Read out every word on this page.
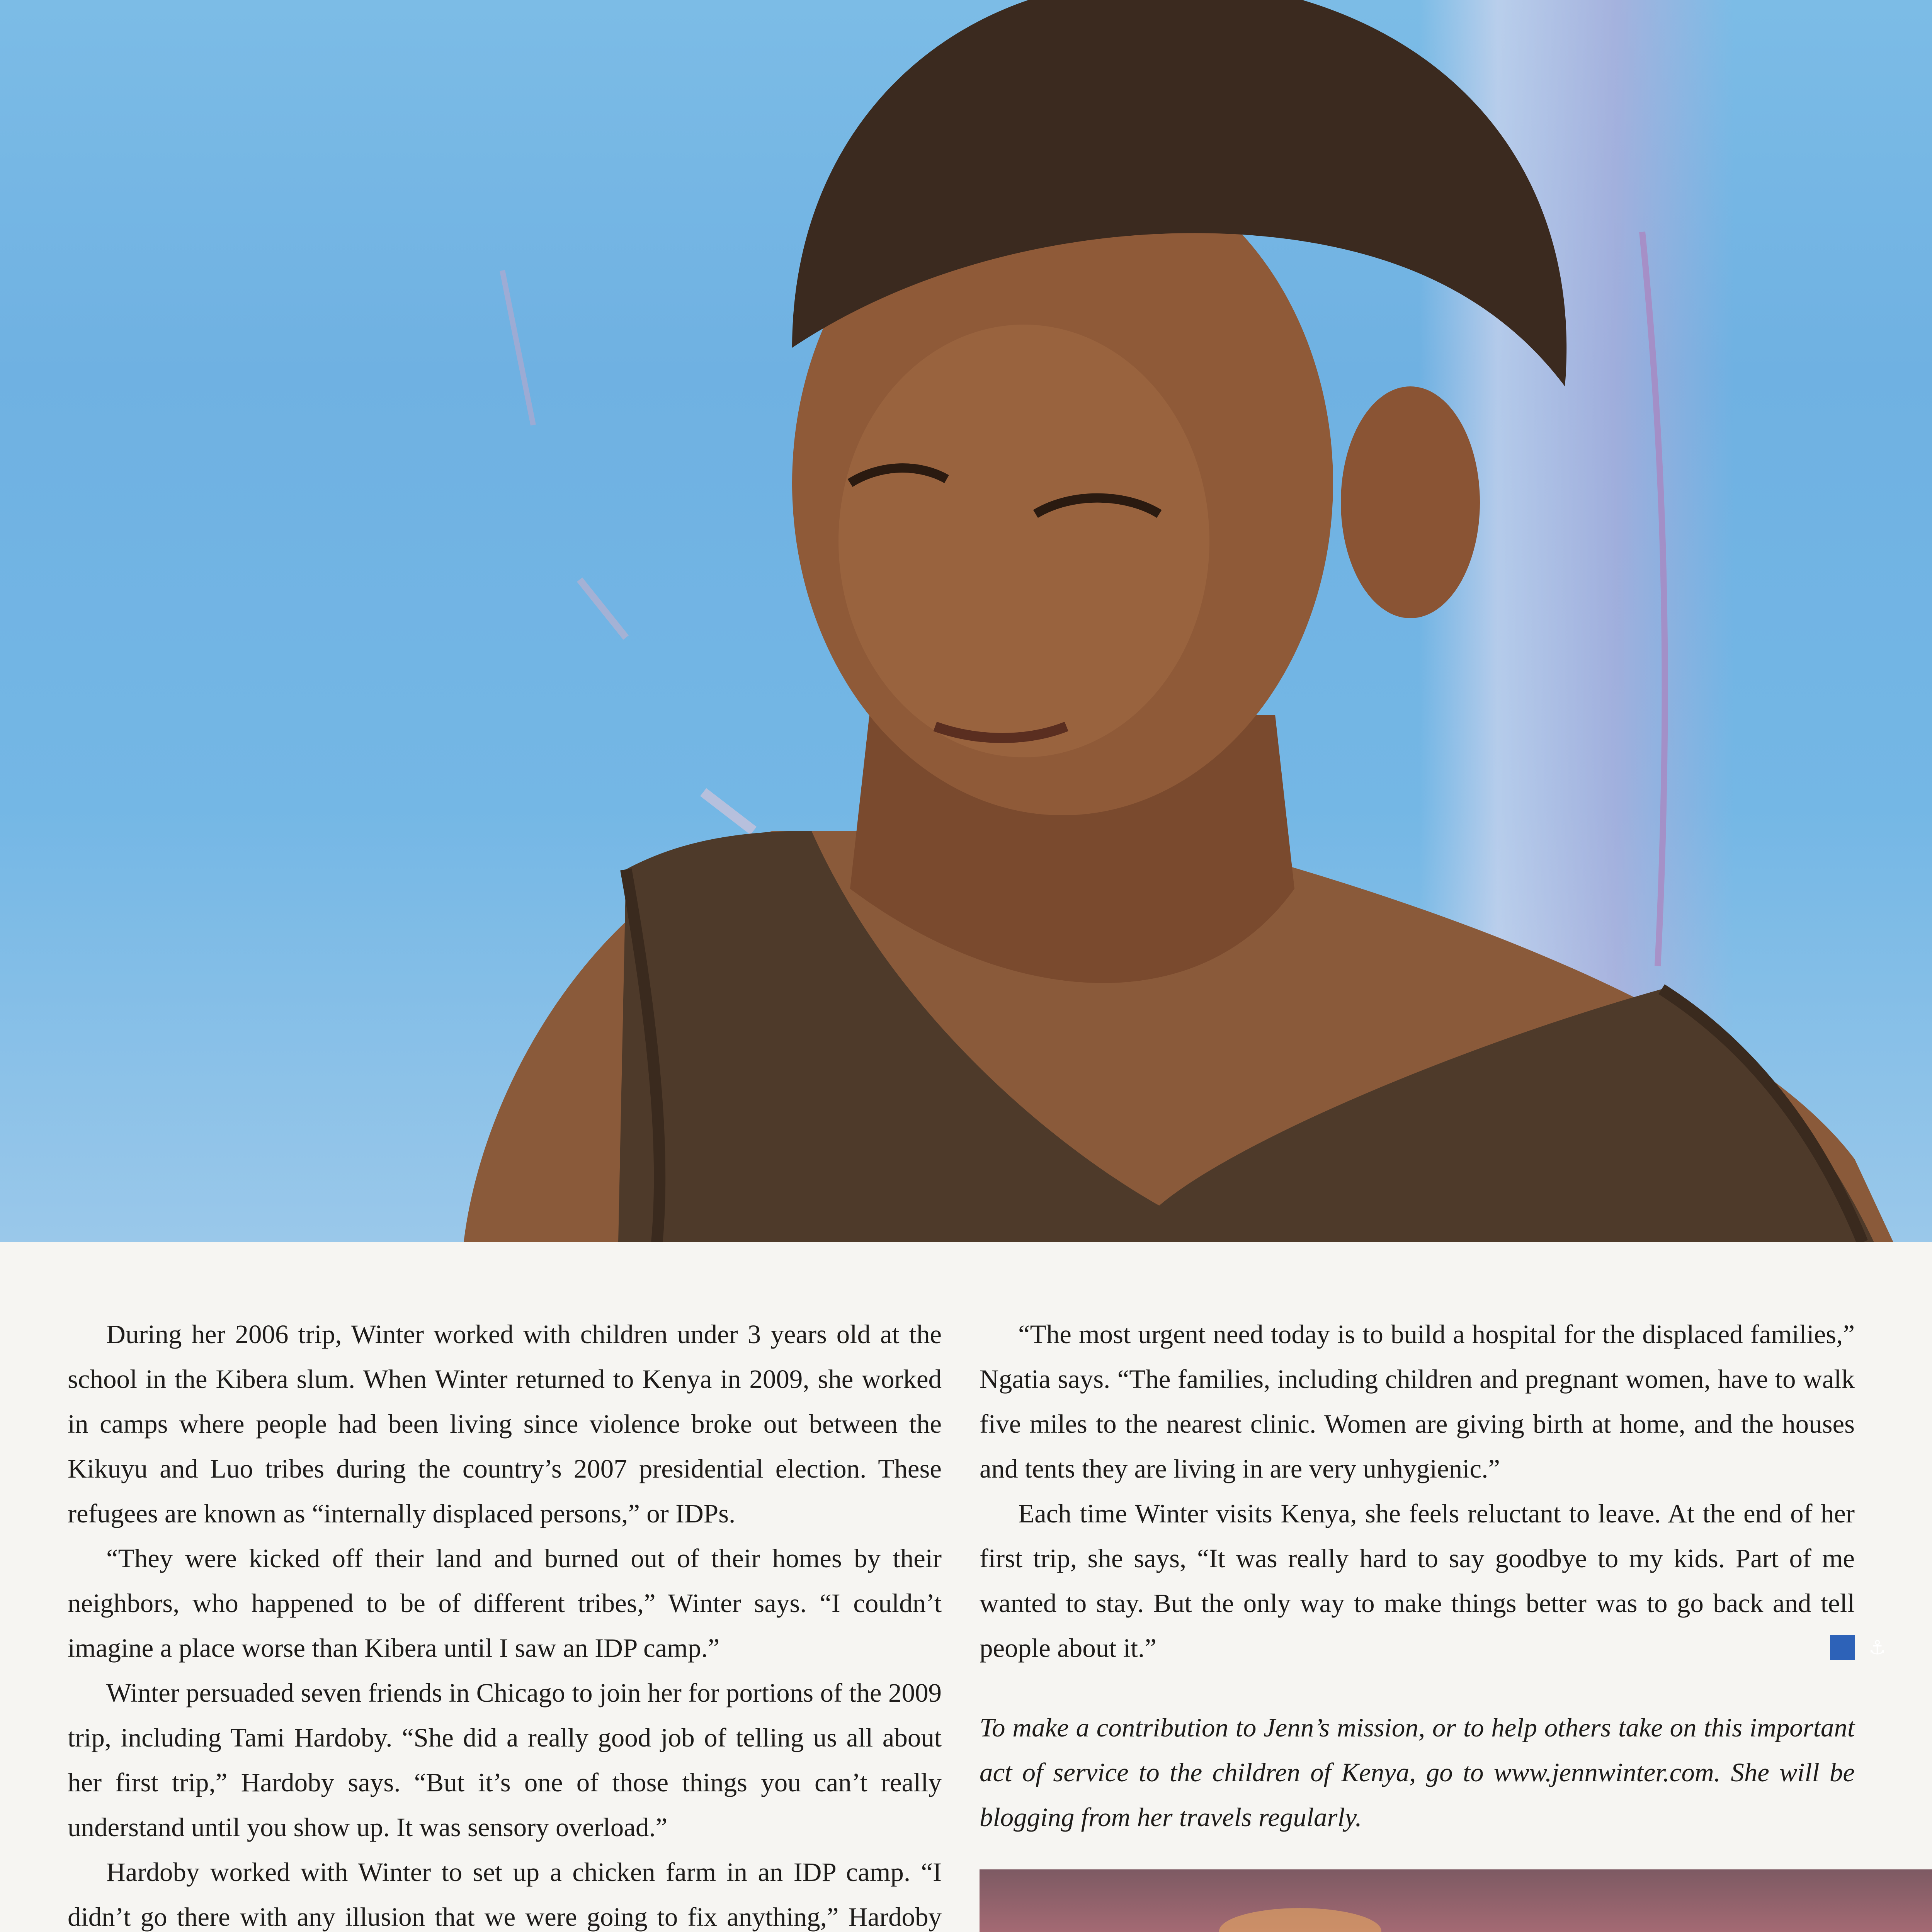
During her 2006 trip, Winter worked with children under 3 years old at the school in the Kibera slum. When Winter returned to Kenya in 2009, she worked in camps where people had been living since violence broke out between the Kikuyu and Luo tribes during the country’s 2007 presidential election. These refugees are known as “internally displaced persons,” or IDPs.

“They were kicked off their land and burned out of their homes by their neighbors, who happened to be of different tribes,” Winter says. “I couldn’t imagine a place worse than Kibera until I saw an IDP camp.”

Winter persuaded seven friends in Chicago to join her for portions of the 2009 trip, including Tami Hardoby. “She did a really good job of telling us all about her first trip,” Hardoby says. “But it’s one of those things you can’t really understand until you show up. It was sensory overload.”

Hardoby worked with Winter to set up a chicken farm in an IDP camp. “I didn’t go there with any illusion that we were going to fix anything,” Hardoby

“The most urgent need today is to build a hospital for the displaced families,” Ngatia says. “The families, including children and pregnant women, have to walk five miles to the nearest clinic. Women are giving birth at home, and the houses and tents they are living in are very unhygienic.”

Each time Winter visits Kenya, she feels reluctant to leave. At the end of her first trip, she says, “It was really hard to say goodbye to my kids. Part of me wanted to stay. But the only way to make things better was to go back and tell people about it.”	⚓

To make a contribution to Jenn’s mission, or to help others take on this important act of service to the children of Kenya, go to www.jennwinter.com. She will be blogging from her travels regularly.
